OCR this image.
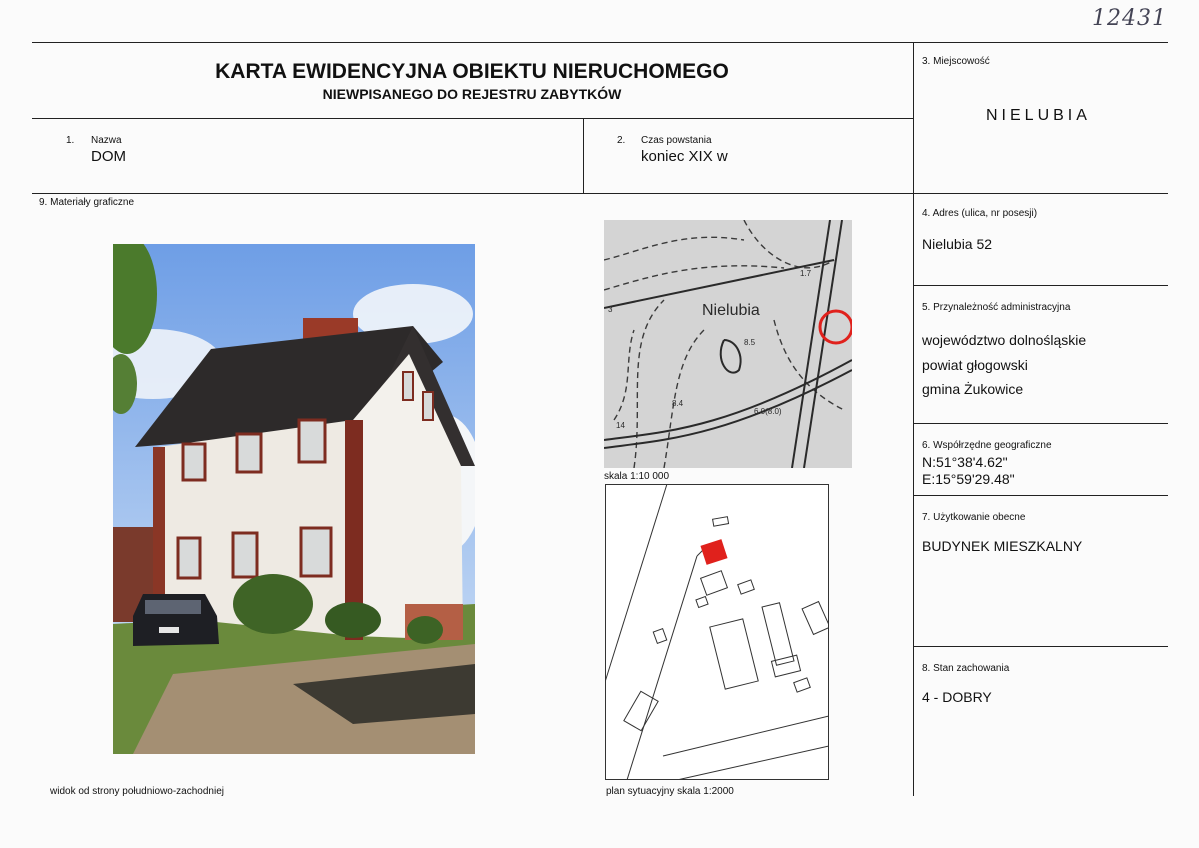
12431
KARTA EWIDENCYJNA OBIEKTU NIERUCHOMEGO
NIEWPISANEGO DO REJESTRU ZABYTKÓW
1. Nazwa
DOM
2. Czas powstania
koniec XIX w
3. Miejscowość
NIELUBIA
4. Adres (ulica, nr posesji)
Nielubia 52
5. Przynależność administracyjna
województwo dolnośląskie
powiat głogowski
gmina Żukowice
6. Współrzędne geograficzne
N:51°38'4.62"
E:15°59'29.48"
7. Użytkowanie obecne
BUDYNEK MIESZKALNY
8. Stan zachowania
4 - DOBRY
9. Materiały graficzne
widok od strony południowo-zachodniej
8.5
8.4
6.0(8.0)
1.7
3
14
Nielubia
skala 1:10 000
plan sytuacyjny skala 1:2000
